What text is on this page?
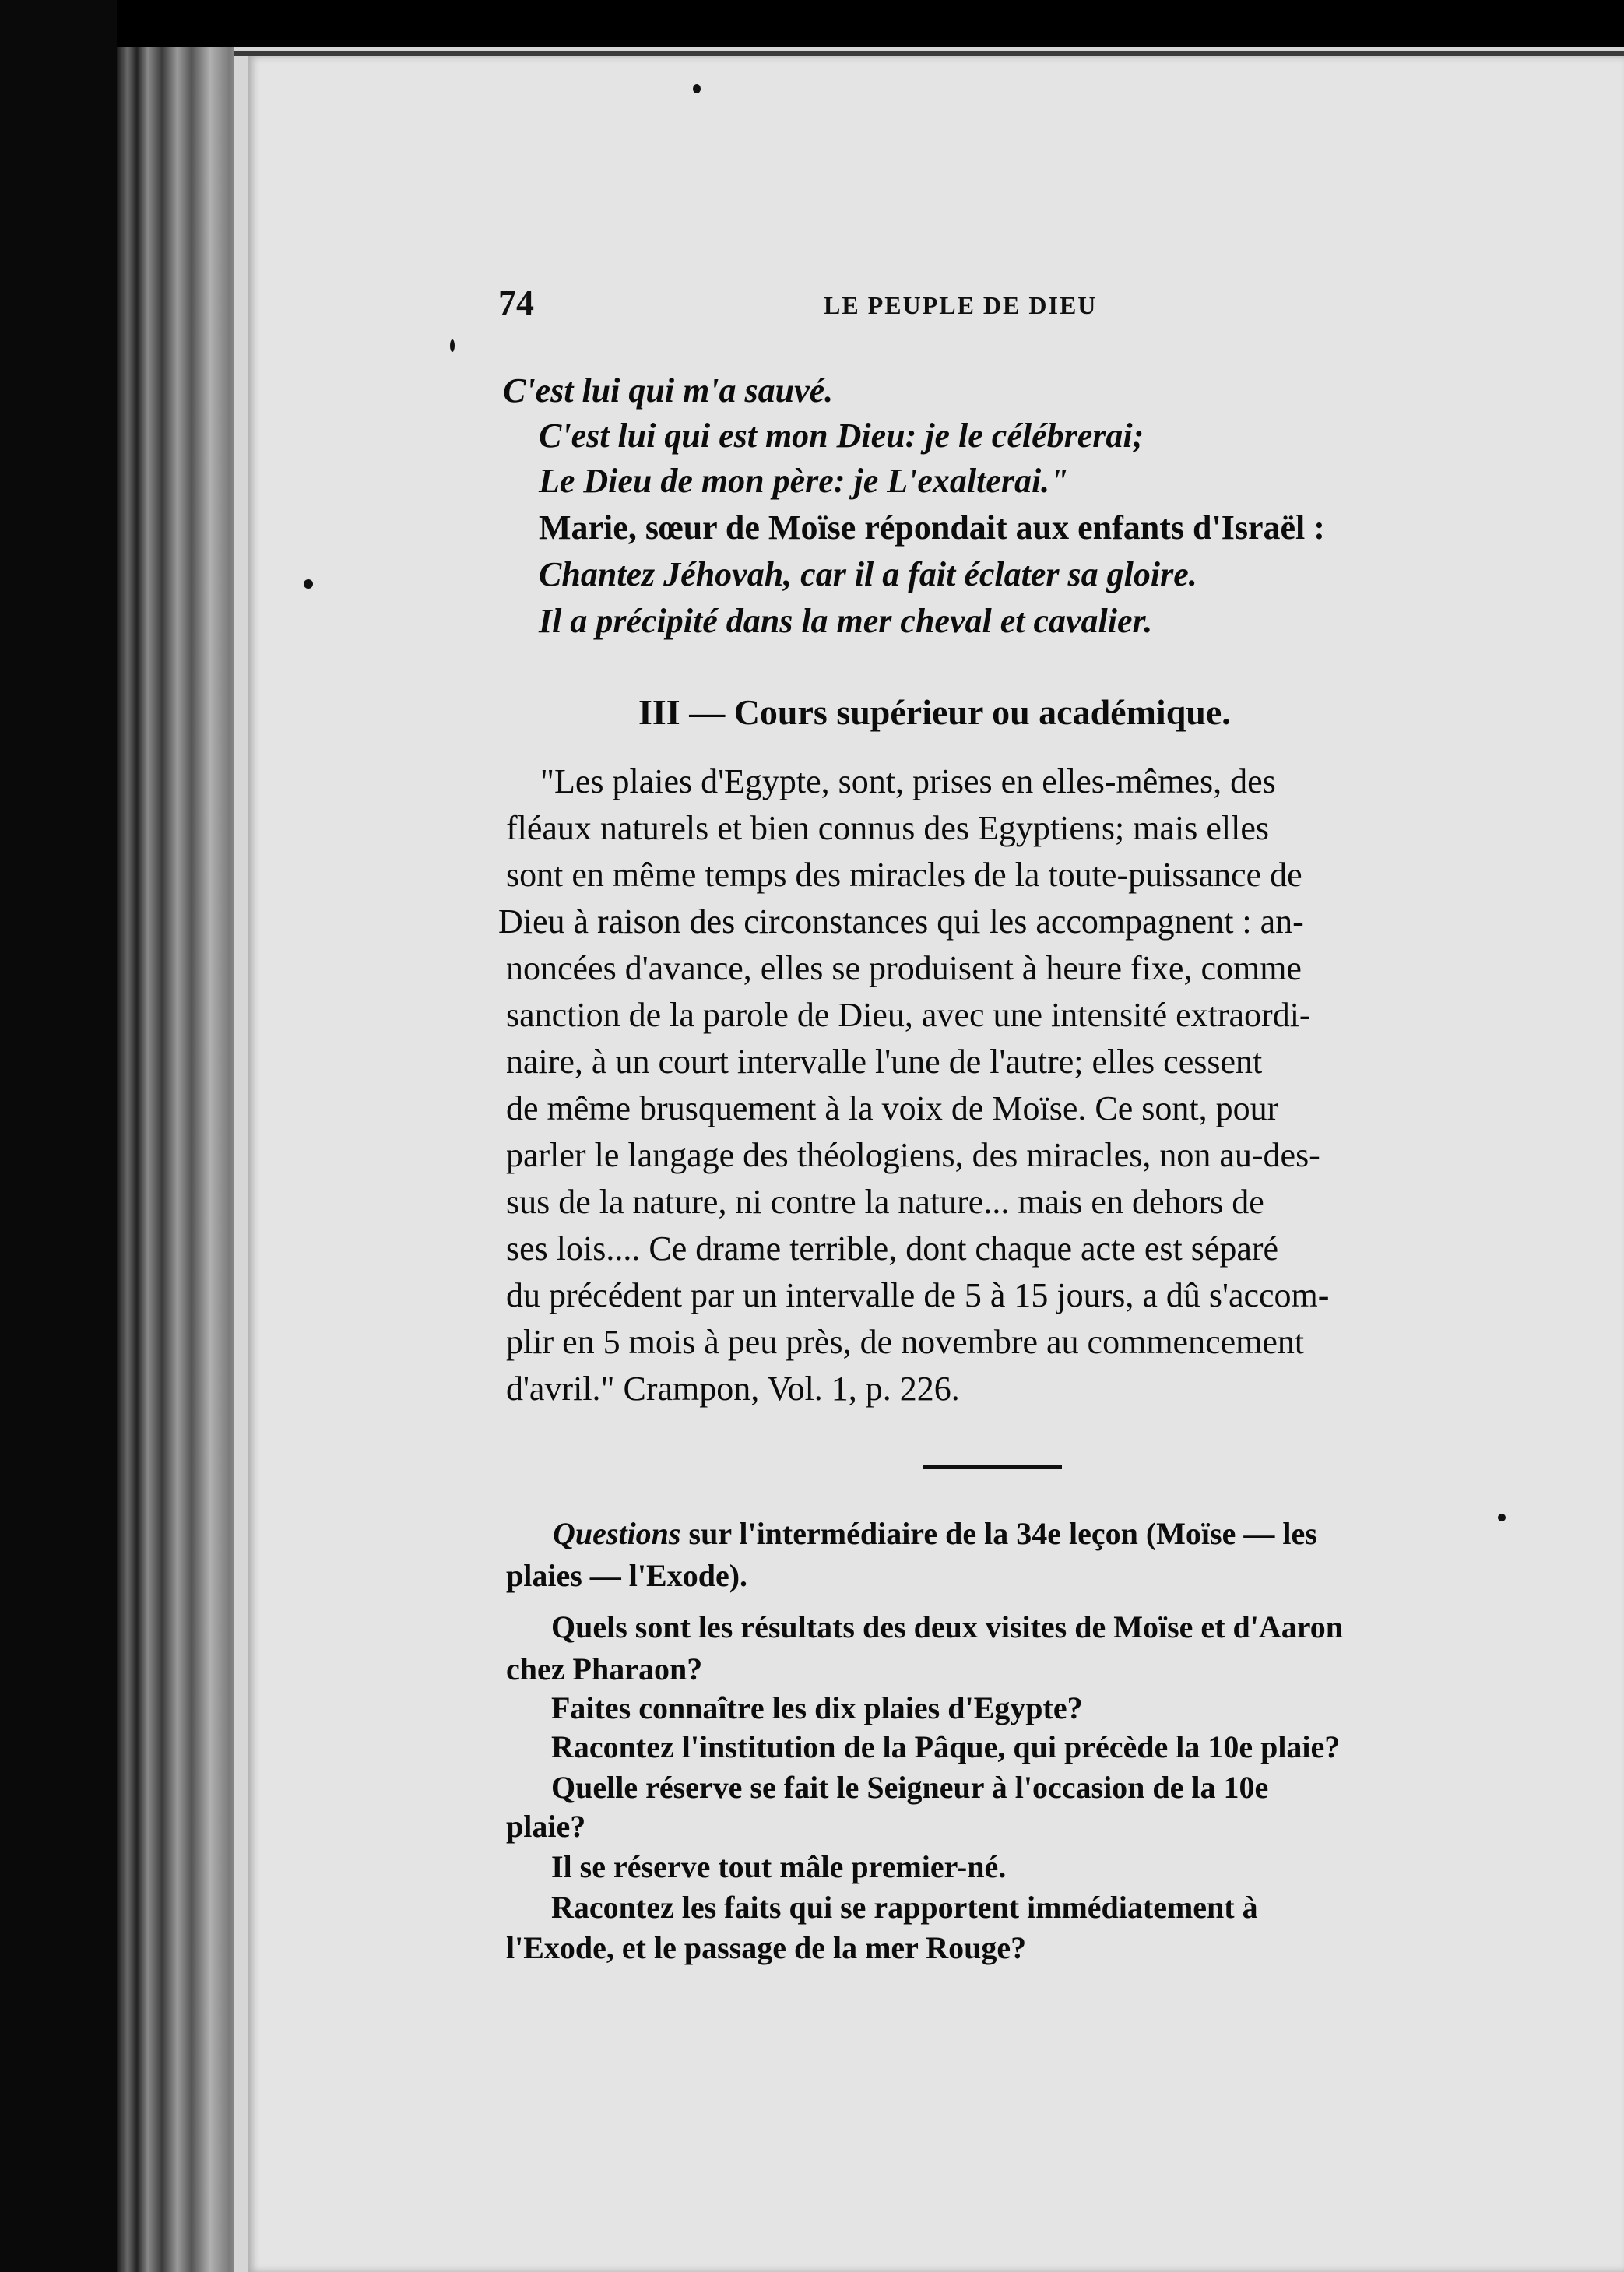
74	LE PEUPLE DE DIEU
C'est lui qui m'a sauvé.
C'est lui qui est mon Dieu: je le célébrerai;
Le Dieu de mon père: je L'exalterai."
Marie, sœur de Moïse répondait aux enfants d'Israël :
Chantez Jéhovah, car il a fait éclater sa gloire.
Il a précipité dans la mer cheval et cavalier.
III — Cours supérieur ou académique.
"Les plaies d'Egypte, sont, prises en elles-mêmes, des
fléaux naturels et bien connus des Egyptiens; mais elles
sont en même temps des miracles de la toute-puissance de
Dieu à raison des circonstances qui les accompagnent : an-
noncées d'avance, elles se produisent à heure fixe, comme
sanction de la parole de Dieu, avec une intensité extraordi-
naire, à un court intervalle l'une de l'autre; elles cessent
de même brusquement à la voix de Moïse. Ce sont, pour
parler le langage des théologiens, des miracles, non au-des-
sus de la nature, ni contre la nature... mais en dehors de
ses lois.... Ce drame terrible, dont chaque acte est séparé
du précédent par un intervalle de 5 à 15 jours, a dû s'accom-
plir en 5 mois à peu près, de novembre au commencement
d'avril." Crampon, Vol. 1, p. 226.
Questions sur l'intermédiaire de la 34e leçon (Moïse — les
plaies — l'Exode).
Quels sont les résultats des deux visites de Moïse et d'Aaron
chez Pharaon?
Faites connaître les dix plaies d'Egypte?
Racontez l'institution de la Pâque, qui précède la 10e plaie?
Quelle réserve se fait le Seigneur à l'occasion de la 10e
plaie?
Il se réserve tout mâle premier-né.
Racontez les faits qui se rapportent immédiatement à
l'Exode, et le passage de la mer Rouge?
